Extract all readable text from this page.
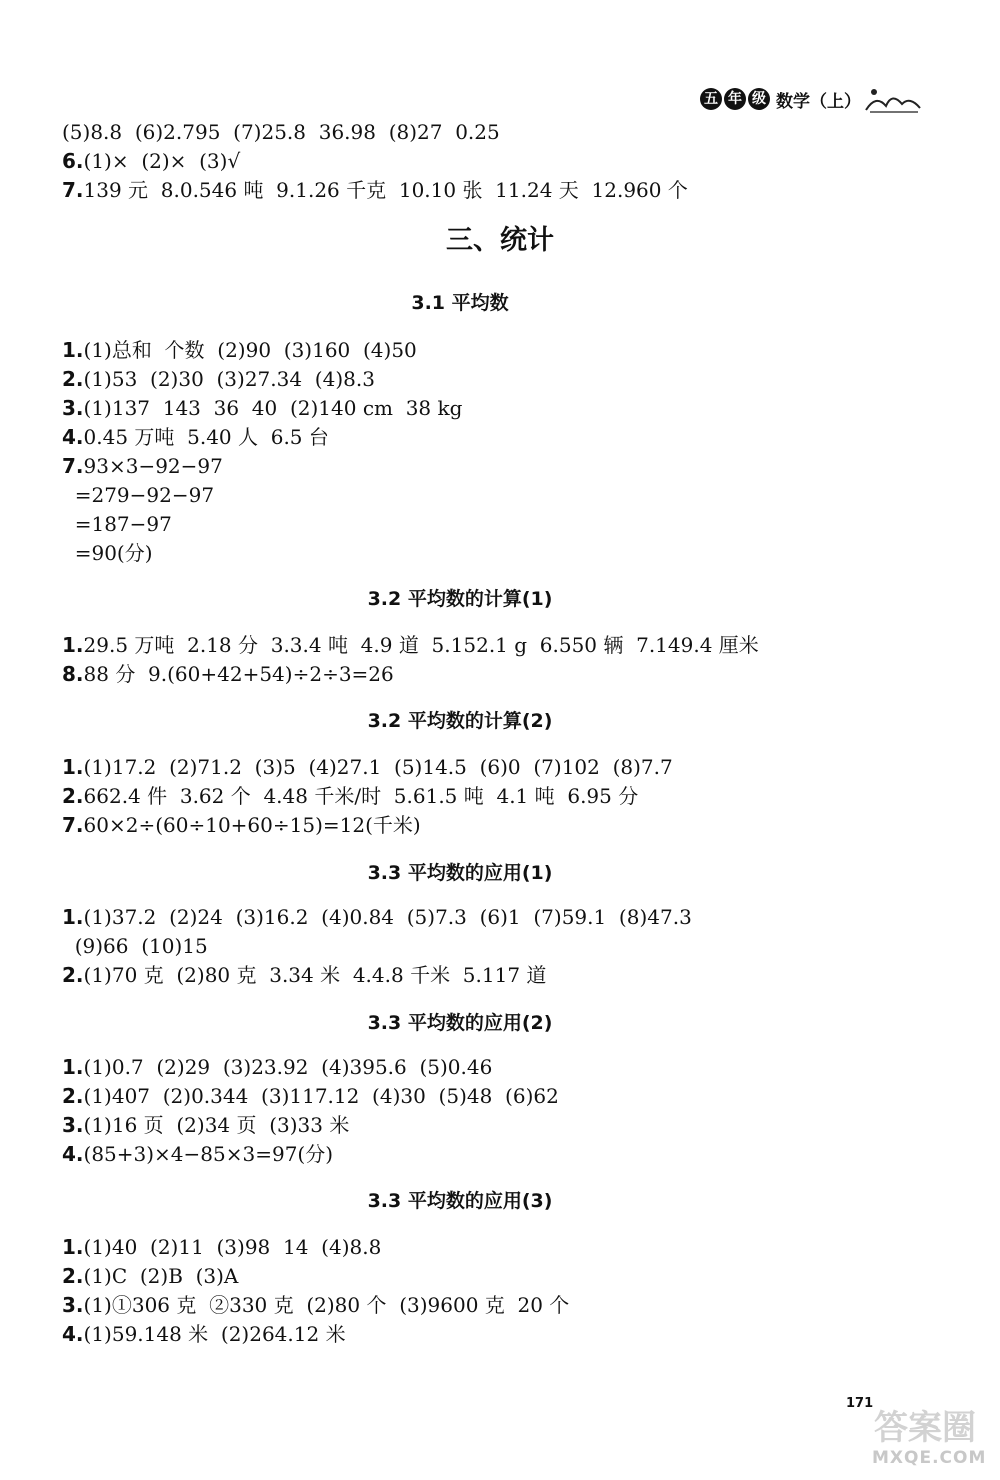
五 年 级 数学（上）
(5)8.8  (6)2.795  (7)25.8  36.98  (8)27  0.25
6.(1)×  (2)×  (3)√
7.139 元  8.0.546 吨  9.1.26 千克  10.10 张  11.24 天  12.960 个
三、统计
3.1 平均数
1.(1)总和  个数  (2)90  (3)160  (4)50
2.(1)53  (2)30  (3)27.34  (4)8.3
3.(1)137  143  36  40  (2)140 cm  38 kg
4.0.45 万吨  5.40 人  6.5 台
7.93×3−92−97
=279−92−97
=187−97
=90(分)
3.2 平均数的计算(1)
1.29.5 万吨  2.18 分  3.3.4 吨  4.9 道  5.152.1 g  6.550 辆  7.149.4 厘米
8.88 分  9.(60+42+54)÷2÷3=26
3.2 平均数的计算(2)
1.(1)17.2  (2)71.2  (3)5  (4)27.1  (5)14.5  (6)0  (7)102  (8)7.7
2.662.4 件  3.62 个  4.48 千米/时  5.61.5 吨  4.1 吨  6.95 分
7.60×2÷(60÷10+60÷15)=12(千米)
3.3 平均数的应用(1)
1.(1)37.2  (2)24  (3)16.2  (4)0.84  (5)7.3  (6)1  (7)59.1  (8)47.3
(9)66  (10)15
2.(1)70 克  (2)80 克  3.34 米  4.4.8 千米  5.117 道
3.3 平均数的应用(2)
1.(1)0.7  (2)29  (3)23.92  (4)395.6  (5)0.46
2.(1)407  (2)0.344  (3)117.12  (4)30  (5)48  (6)62
3.(1)16 页  (2)34 页  (3)33 米
4.(85+3)×4−85×3=97(分)
3.3 平均数的应用(3)
1.(1)40  (2)11  (3)98  14  (4)8.8
2.(1)C  (2)B  (3)A
3.(1)①306 克  ②330 克  (2)80 个  (3)9600 克  20 个
4.(1)59.148 米  (2)264.12 米
171
答案圈
MXQE.COM
